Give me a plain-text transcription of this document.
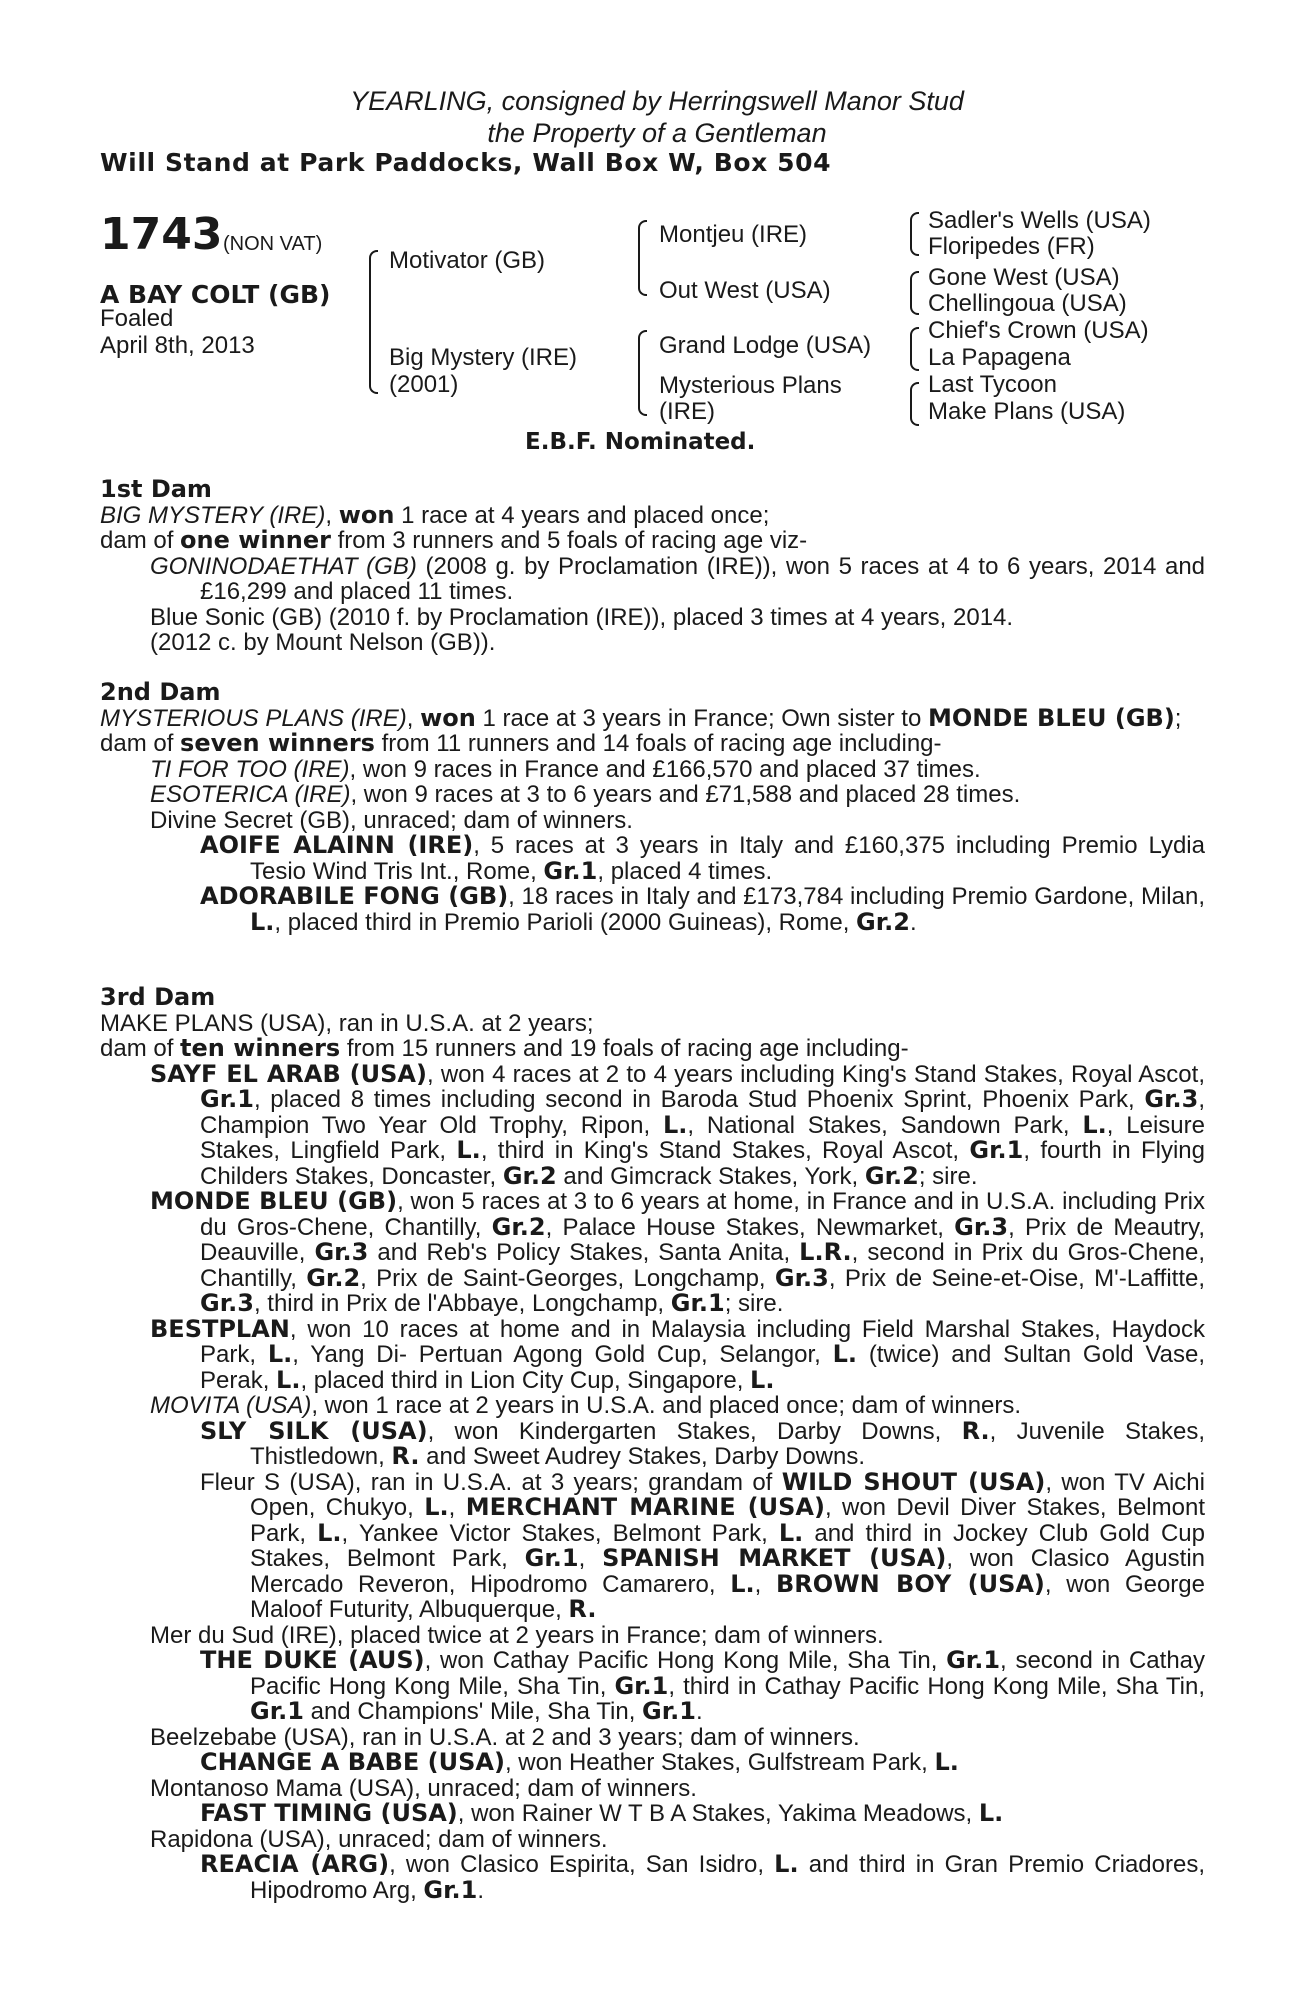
YEARLING, consigned by Herringswell Manor Stud
the Property of a Gentleman
Will Stand at Park Paddocks, Wall Box W, Box 504
1743 (NON VAT)
A BAY COLT (GB)
Foaled
April 8th, 2013
Motivator (GB)
Big Mystery (IRE)
(2001)
Montjeu (IRE)
Out West (USA)
Grand Lodge (USA)
Mysterious Plans
(IRE)
Sadler's Wells (USA)
Floripedes (FR)
Gone West (USA)
Chellingoua (USA)
Chief's Crown (USA)
La Papagena
Last Tycoon
Make Plans (USA)
E.B.F. Nominated.

1st Dam

BIG MYSTERY (IRE), won 1 race at 4 years and placed once;

dam of one winner from 3 runners and 5 foals of racing age viz-

GONINODAETHAT (GB) (2008 g. by Proclamation (IRE)), won 5 races at 4 to 6 years, 2014 and £16,299 and placed 11 times.

Blue Sonic (GB) (2010 f. by Proclamation (IRE)), placed 3 times at 4 years, 2014.

(2012 c. by Mount Nelson (GB)).

2nd Dam

MYSTERIOUS PLANS (IRE), won 1 race at 3 years in France; Own sister to MONDE BLEU (GB);

dam of seven winners from 11 runners and 14 foals of racing age including-

TI FOR TOO (IRE), won 9 races in France and £166,570 and placed 37 times.

ESOTERICA (IRE), won 9 races at 3 to 6 years and £71,588 and placed 28 times.

Divine Secret (GB), unraced; dam of winners.

AOIFE ALAINN (IRE), 5 races at 3 years in Italy and £160,375 including Premio Lydia Tesio Wind Tris Int., Rome, Gr.1, placed 4 times.

ADORABILE FONG (GB), 18 races in Italy and £173,784 including Premio Gardone, Milan, L., placed third in Premio Parioli (2000 Guineas), Rome, Gr.2.

3rd Dam

MAKE PLANS (USA), ran in U.S.A. at 2 years;

dam of ten winners from 15 runners and 19 foals of racing age including-

SAYF EL ARAB (USA), won 4 races at 2 to 4 years including King's Stand Stakes, Royal Ascot, Gr.1, placed 8 times including second in Baroda Stud Phoenix Sprint, Phoenix Park, Gr.3, Champion Two Year Old Trophy, Ripon, L., National Stakes, Sandown Park, L., Leisure Stakes, Lingfield Park, L., third in King's Stand Stakes, Royal Ascot, Gr.1, fourth in Flying Childers Stakes, Doncaster, Gr.2 and Gimcrack Stakes, York, Gr.2; sire.

MONDE BLEU (GB), won 5 races at 3 to 6 years at home, in France and in U.S.A. including Prix du Gros-Chene, Chantilly, Gr.2, Palace House Stakes, Newmarket, Gr.3, Prix de Meautry, Deauville, Gr.3 and Reb's Policy Stakes, Santa Anita, L.R., second in Prix du Gros-Chene, Chantilly, Gr.2, Prix de Saint-Georges, Longchamp, Gr.3, Prix de Seine-et-Oise, M'-Laffitte, Gr.3, third in Prix de l'Abbaye, Longchamp, Gr.1; sire.

BESTPLAN, won 10 races at home and in Malaysia including Field Marshal Stakes, Haydock Park, L., Yang Di- Pertuan Agong Gold Cup, Selangor, L. (twice) and Sultan Gold Vase, Perak, L., placed third in Lion City Cup, Singapore, L.

MOVITA (USA), won 1 race at 2 years in U.S.A. and placed once; dam of winners.

SLY SILK (USA), won Kindergarten Stakes, Darby Downs, R., Juvenile Stakes, Thistledown, R. and Sweet Audrey Stakes, Darby Downs.

Fleur S (USA), ran in U.S.A. at 3 years; grandam of WILD SHOUT (USA), won TV Aichi Open, Chukyo, L., MERCHANT MARINE (USA), won Devil Diver Stakes, Belmont Park, L., Yankee Victor Stakes, Belmont Park, L. and third in Jockey Club Gold Cup Stakes, Belmont Park, Gr.1, SPANISH MARKET (USA), won Clasico Agustin Mercado Reveron, Hipodromo Camarero, L., BROWN BOY (USA), won George Maloof Futurity, Albuquerque, R.

Mer du Sud (IRE), placed twice at 2 years in France; dam of winners.

THE DUKE (AUS), won Cathay Pacific Hong Kong Mile, Sha Tin, Gr.1, second in Cathay Pacific Hong Kong Mile, Sha Tin, Gr.1, third in Cathay Pacific Hong Kong Mile, Sha Tin, Gr.1 and Champions' Mile, Sha Tin, Gr.1.

Beelzebabe (USA), ran in U.S.A. at 2 and 3 years; dam of winners.

CHANGE A BABE (USA), won Heather Stakes, Gulfstream Park, L.

Montanoso Mama (USA), unraced; dam of winners.

FAST TIMING (USA), won Rainer W T B A Stakes, Yakima Meadows, L.

Rapidona (USA), unraced; dam of winners.

REACIA (ARG), won Clasico Espirita, San Isidro, L. and third in Gran Premio Criadores, Hipodromo Arg, Gr.1.
